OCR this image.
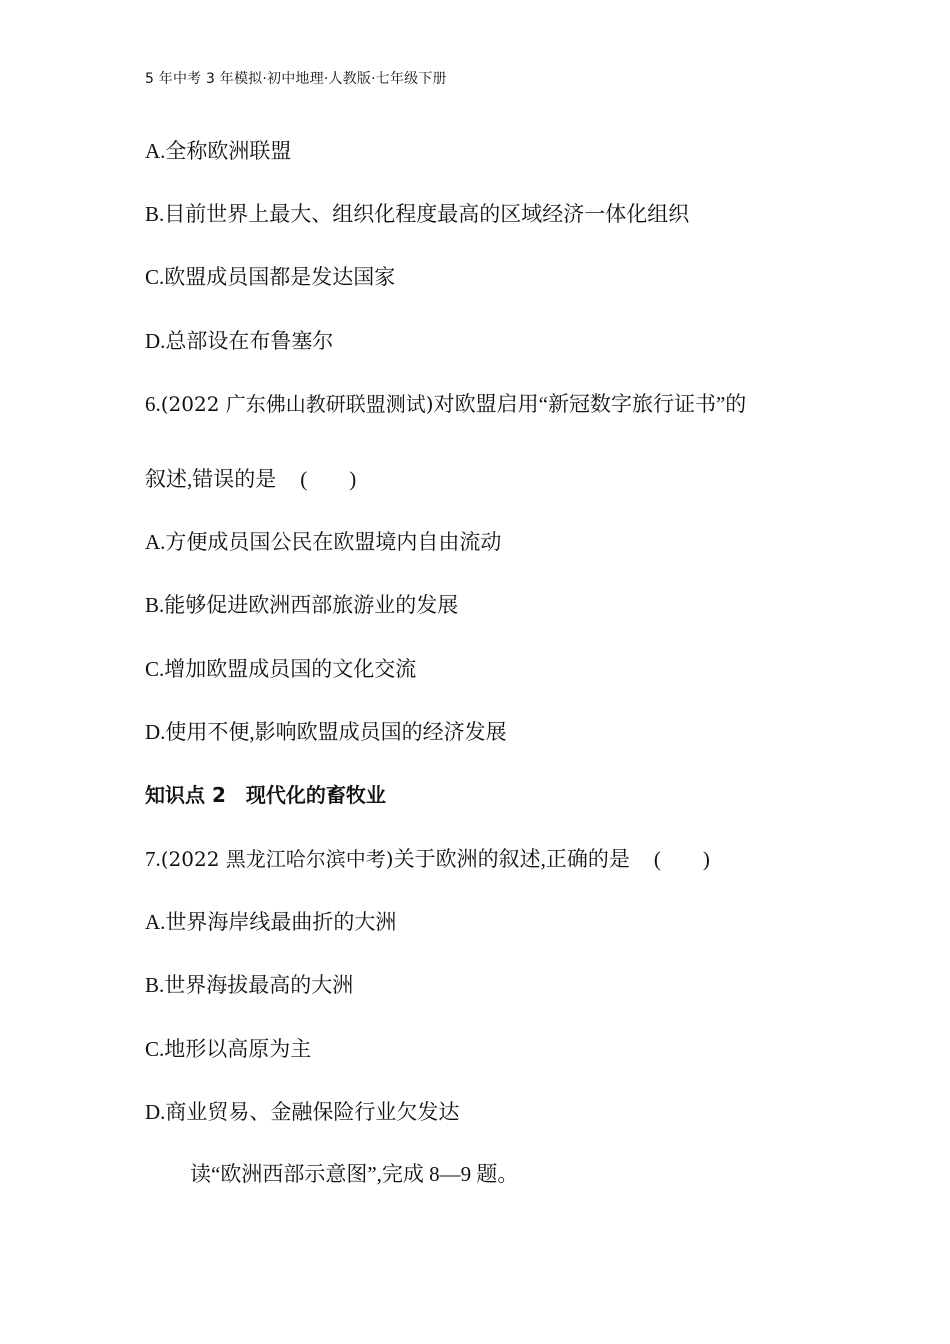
5 年中考 3 年模拟·初中地理·人教版·七年级下册
A.全称欧洲联盟
B.目前世界上最大、组织化程度最高的区域经济一体化组织
C.欧盟成员国都是发达国家
D.总部设在布鲁塞尔
6.(2022 广东佛山教研联盟测试)对欧盟启用“新冠数字旅行证书”的
叙述,错误的是 (　　)
A.方便成员国公民在欧盟境内自由流动
B.能够促进欧洲西部旅游业的发展
C.增加欧盟成员国的文化交流
D.使用不便,影响欧盟成员国的经济发展
知识点 2　现代化的畜牧业
7.(2022 黑龙江哈尔滨中考)关于欧洲的叙述,正确的是 (　　)
A.世界海岸线最曲折的大洲
B.世界海拔最高的大洲
C.地形以高原为主
D.商业贸易、金融保险行业欠发达
读“欧洲西部示意图”,完成 8—9 题。
